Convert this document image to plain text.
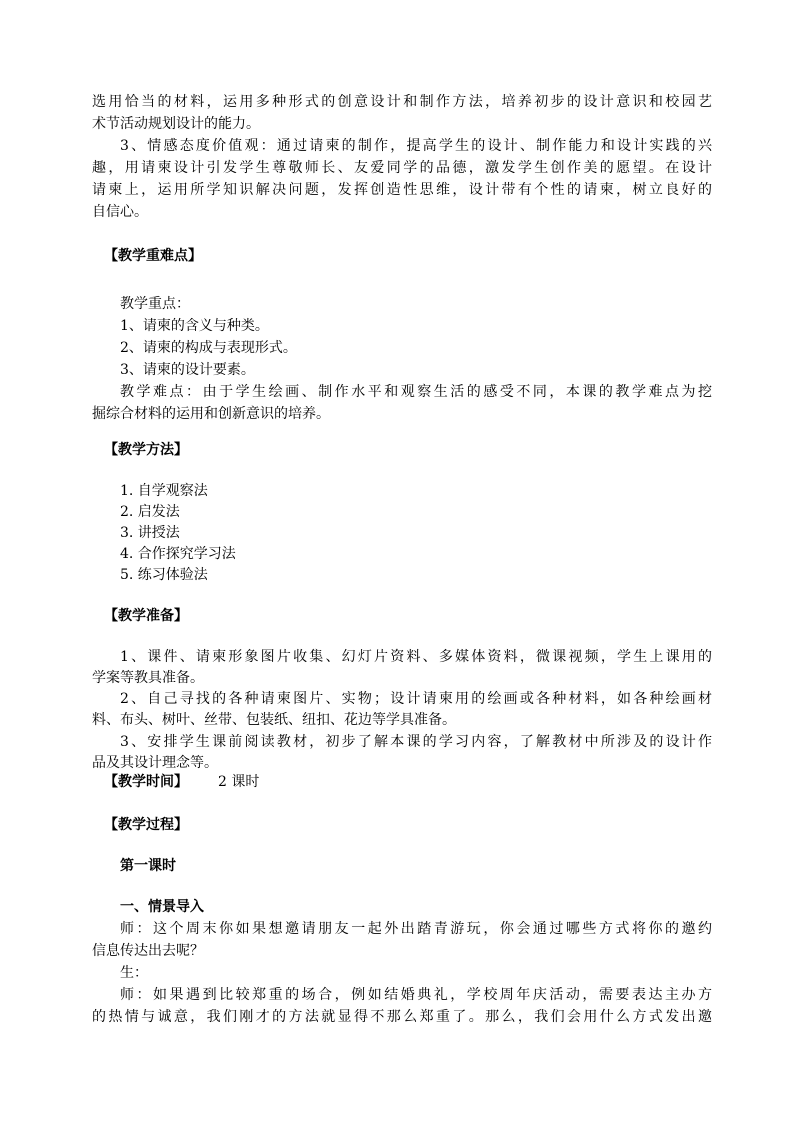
选用恰当的材料，运用多种形式的创意设计和制作方法，培养初步的设计意识和校园艺
术节活动规划设计的能力。
3、情感态度价值观：通过请柬的制作，提高学生的设计、制作能力和设计实践的兴
趣，用请柬设计引发学生尊敬师长、友爱同学的品德，激发学生创作美的愿望。在设计
请柬上，运用所学知识解决问题，发挥创造性思维，设计带有个性的请柬，树立良好的
自信心。
【教学重难点】
教学重点：
1、请柬的含义与种类。
2、请柬的构成与表现形式。
3、请柬的设计要素。
教学难点：由于学生绘画、制作水平和观察生活的感受不同，本课的教学难点为挖
掘综合材料的运用和创新意识的培养。
【教学方法】
1. 自学观察法
2. 启发法
3. 讲授法
4. 合作探究学习法
5. 练习体验法
【教学准备】
1、课件、请柬形象图片收集、幻灯片资料、多媒体资料，微课视频，学生上课用的
学案等教具准备。
2、自己寻找的各种请柬图片、实物；设计请柬用的绘画或各种材料，如各种绘画材
料、布头、树叶、丝带、包装纸、纽扣、花边等学具准备。
3、安排学生课前阅读教材，初步了解本课的学习内容，了解教材中所涉及的设计作
品及其设计理念等。
【教学时间】	2 课时
【教学过程】
第一课时
一、情景导入
师：这个周末你如果想邀请朋友一起外出踏青游玩，你会通过哪些方式将你的邀约
信息传达出去呢？
生：
师：如果遇到比较郑重的场合，例如结婚典礼，学校周年庆活动，需要表达主办方
的热情与诚意，我们刚才的方法就显得不那么郑重了。那么，我们会用什么方式发出邀
